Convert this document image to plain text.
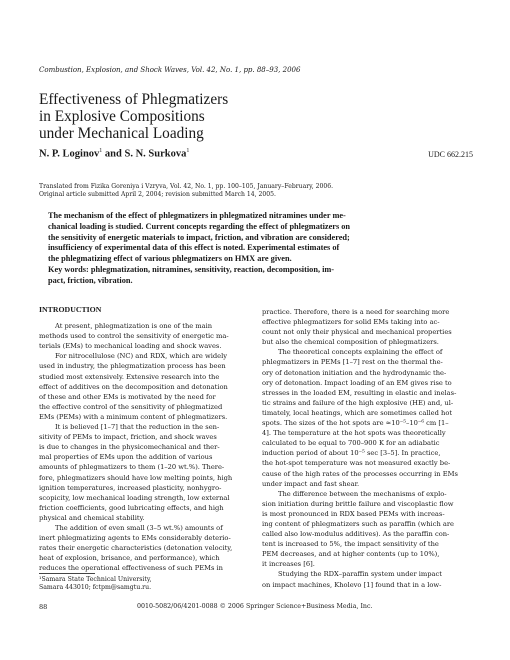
Combustion, Explosion, and Shock Waves, Vol. 42, No. 1, pp. 88–93, 2006
Effectiveness of Phlegmatizers
in Explosive Compositions
under Mechanical Loading
N. P. Loginov$^1$ and S. N. Surkova$^1$	UDC 662.215
Translated from Fizika Goreniya i Vzryva, Vol. 42, No. 1, pp. 100–105, January–February, 2006.
Original article submitted April 2, 2004; revision submitted March 14, 2005.
The mechanism of the effect of phlegmatizers in phlegmatized nitramines under me-
chanical loading is studied. Current concepts regarding the effect of phlegmatizers on
the sensitivity of energetic materials to impact, friction, and vibration are considered;
insufficiency of experimental data of this effect is noted. Experimental estimates of
the phlegmatizing effect of various phlegmatizers on HMX are given.
Key words: phlegmatization, nitramines, sensitivity, reaction, decomposition, im-
pact, friction, vibration.
INTRODUCTION
At present, phlegmatization is one of the main
methods used to control the sensitivity of energetic ma-
terials (EMs) to mechanical loading and shock waves.
For nitrocellulose (NC) and RDX, which are widely
used in industry, the phlegmatization process has been
studied most extensively. Extensive research into the
effect of additives on the decomposition and detonation
of these and other EMs is motivated by the need for
the effective control of the sensitivity of phlegmatized
EMs (PEMs) with a minimum content of phlegmatizers.
It is believed [1–7] that the reduction in the sen-
sitivity of PEMs to impact, friction, and shock waves
is due to changes in the physicomechanical and ther-
mal properties of EMs upon the addition of various
amounts of phlegmatizers to them (1–20 wt.%). There-
fore, phlegmatizers should have low melting points, high
ignition temperatures, increased plasticity, nonhygro-
scopicity, low mechanical loading strength, low external
friction coefficients, good lubricating effects, and high
physical and chemical stability.
The addition of even small (3–5 wt.%) amounts of
inert phlegmatizing agents to EMs considerably deterio-
rates their energetic characteristics (detonation velocity,
heat of explosion, brisance, and performance), which
reduces the operational effectiveness of such PEMs in
practice. Therefore, there is a need for searching more
effective phlegmatizers for solid EMs taking into ac-
count not only their physical and mechanical properties
but also the chemical composition of phlegmatizers.
The theoretical concepts explaining the effect of
phlegmatizers in PEMs [1–7] rest on the thermal the-
ory of detonation initiation and the hydrodynamic the-
ory of detonation. Impact loading of an EM gives rise to
stresses in the loaded EM, resulting in elastic and inelas-
tic strains and failure of the high explosive (HE) and, ul-
timately, local heatings, which are sometimes called hot
spots. The sizes of the hot spots are ≈10⁻⁵–10⁻⁶ cm [1–
4]. The temperature at the hot spots was theoretically
calculated to be equal to 700–900 K for an adiabatic
induction period of about 10⁻⁵ sec [3–5]. In practice,
the hot-spot temperature was not measured exactly be-
cause of the high rates of the processes occurring in EMs
under impact and fast shear.
The difference between the mechanisms of explo-
sion initiation during brittle failure and viscoplastic flow
is most pronounced in RDX based PEMs with increas-
ing content of phlegmatizers such as paraffin (which are
called also low-modulus additives). As the paraffin con-
tent is increased to 5%, the impact sensitivity of the
PEM decreases, and at higher contents (up to 10%),
it increases [6].
Studying the RDX–paraffin system under impact
on impact machines, Kholevo [1] found that in a low-
¹Samara State Technical University,
Samara 443010; fctpm@samgtu.ru.
88	0010-5082/06/4201-0088 © 2006 Springer Science+Business Media, Inc.
